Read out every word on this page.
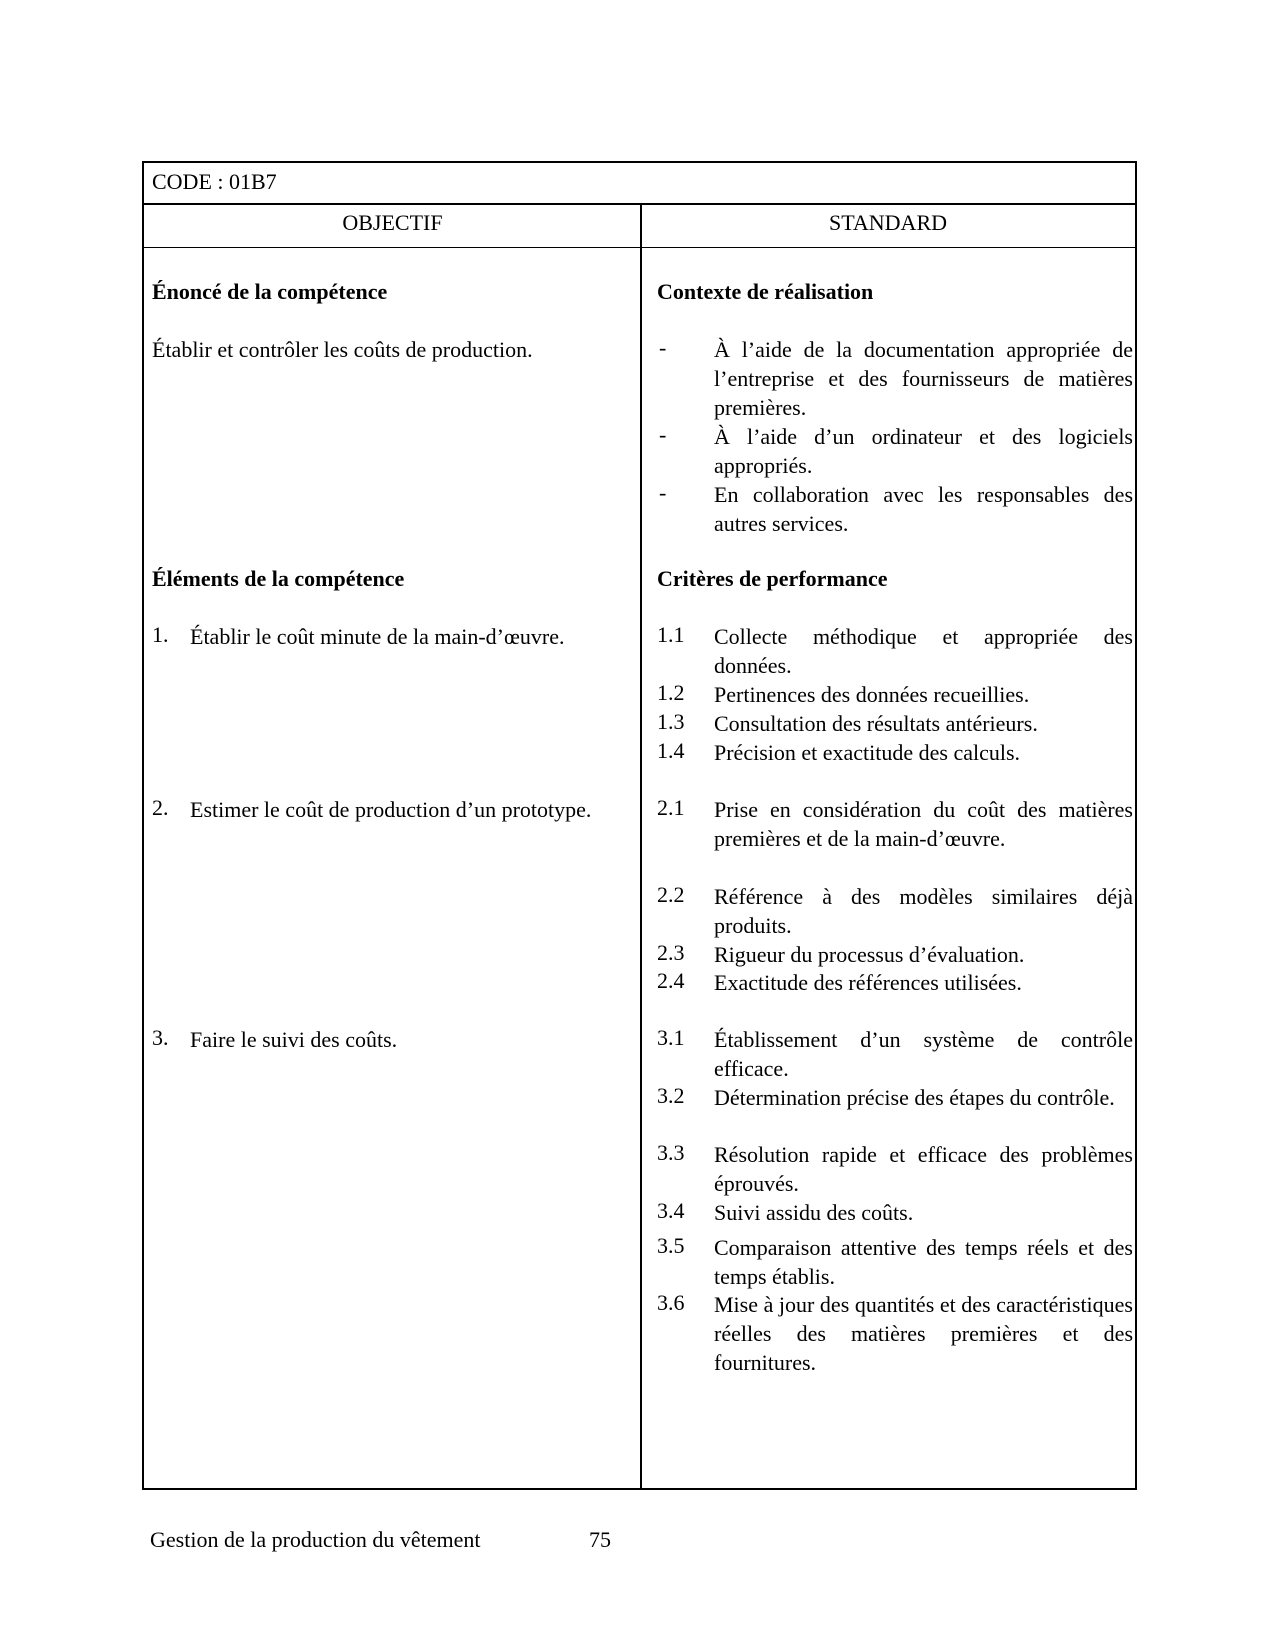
CODE : 01B7
OBJECTIF	STANDARD
Énoncé de la compétence
Établir et contrôler les coûts de production.
Éléments de la compétence
1. Établir le coût minute de la main-d’œuvre.
2. Estimer le coût de production d’un prototype.
3. Faire le suivi des coûts.
Contexte de réalisation
- À l’aide de la documentation appropriée de l’entreprise et des fournisseurs de matières premières.
- À l’aide d’un ordinateur et des logiciels appropriés.
- En collaboration avec les responsables des autres services.
Critères de performance
1.1 Collecte méthodique et appropriée des données.
1.2 Pertinences des données recueillies.
1.3 Consultation des résultats antérieurs.
1.4 Précision et exactitude des calculs.
2.1 Prise en considération du coût des matières premières et de la main-d’œuvre.
2.2 Référence à des modèles similaires déjà produits.
2.3 Rigueur du processus d’évaluation.
2.4 Exactitude des références utilisées.
3.1 Établissement d’un système de contrôle efficace.
3.2 Détermination précise des étapes du contrôle.
3.3 Résolution rapide et efficace des problèmes éprouvés.
3.4 Suivi assidu des coûts.
3.5 Comparaison attentive des temps réels et des temps établis.
3.6 Mise à jour des quantités et des caractéristiques réelles des matières premières et des fournitures.
Gestion de la production du vêtement	75
